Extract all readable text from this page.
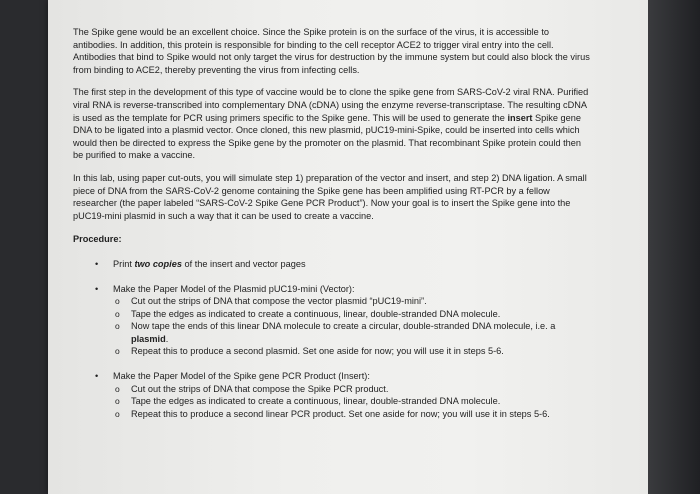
The Spike gene would be an excellent choice. Since the Spike protein is on the surface of the virus, it is accessible to antibodies. In addition, this protein is responsible for binding to the cell receptor ACE2 to trigger viral entry into the cell. Antibodies that bind to Spike would not only target the virus for destruction by the immune system but could also block the virus from binding to ACE2, thereby preventing the virus from infecting cells.

The first step in the development of this type of vaccine would be to clone the spike gene from SARS-CoV-2 viral RNA. Purified viral RNA is reverse-transcribed into complementary DNA (cDNA) using the enzyme reverse-transcriptase. The resulting cDNA is used as the template for PCR using primers specific to the Spike gene. This will be used to generate the insert Spike gene DNA to be ligated into a plasmid vector. Once cloned, this new plasmid, pUC19-mini-Spike, could be inserted into cells which would then be directed to express the Spike gene by the promoter on the plasmid. That recombinant Spike protein could then be purified to make a vaccine.

In this lab, using paper cut-outs, you will simulate step 1) preparation of the vector and insert, and step 2) DNA ligation. A small piece of DNA from the SARS-CoV-2 genome containing the Spike gene has been amplified using RT-PCR by a fellow researcher (the paper labeled “SARS-CoV-2 Spike Gene PCR Product”). Now your goal is to insert the Spike gene into the pUC19-mini plasmid in such a way that it can be used to create a vaccine.

Procedure:

• Print two copies of the insert and vector pages
• Make the Paper Model of the Plasmid pUC19-mini (Vector):
o Cut out the strips of DNA that compose the vector plasmid “pUC19-mini”.
o Tape the edges as indicated to create a continuous, linear, double-stranded DNA molecule.
o Now tape the ends of this linear DNA molecule to create a circular, double-stranded DNA molecule, i.e. a plasmid.
o Repeat this to produce a second plasmid. Set one aside for now; you will use it in steps 5-6.
• Make the Paper Model of the Spike gene PCR Product (Insert):
o Cut out the strips of DNA that compose the Spike PCR product.
o Tape the edges as indicated to create a continuous, linear, double-stranded DNA molecule.
o Repeat this to produce a second linear PCR product. Set one aside for now; you will use it in steps 5-6.
